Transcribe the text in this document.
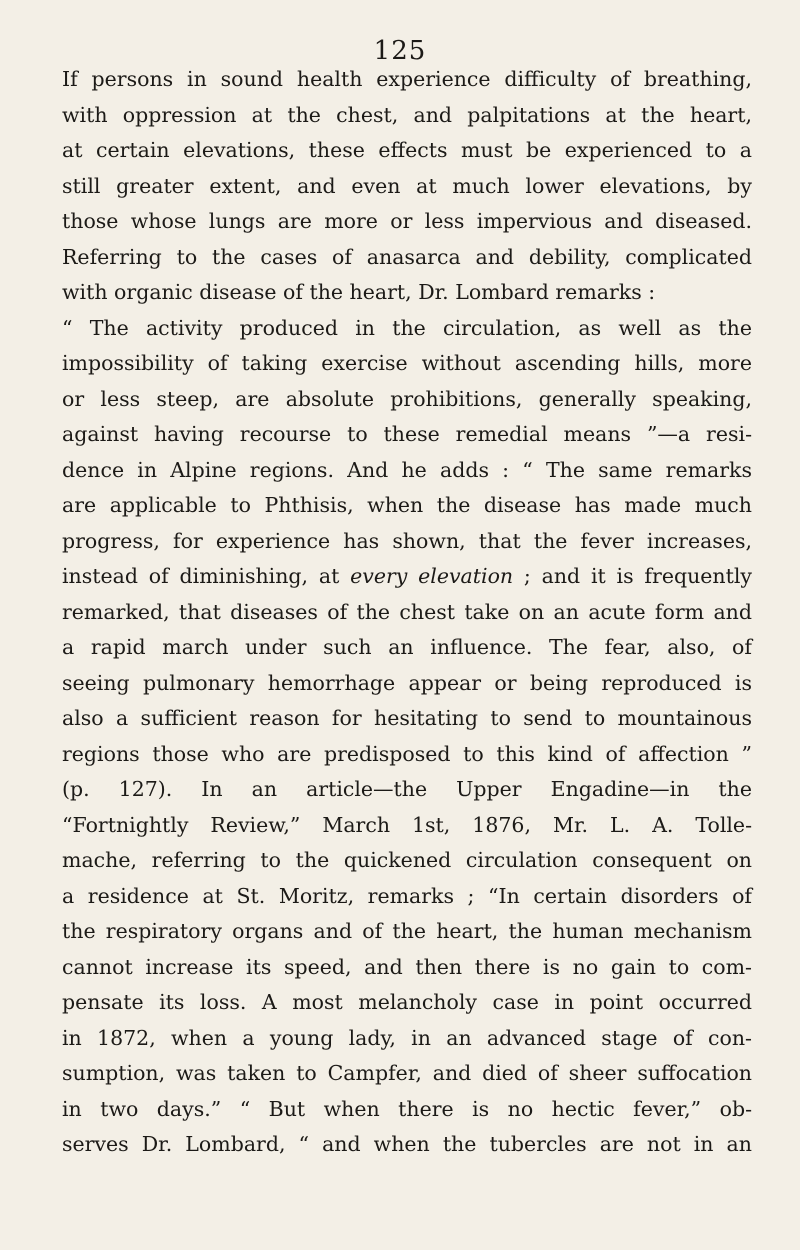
125
If persons in sound health experience difficulty of breathing,
with oppression at the chest, and palpitations at the heart,
at certain elevations, these effects must be experienced to a
still greater extent, and even at much lower elevations, by
those whose lungs are more or less impervious and diseased.
Referring to the cases of anasarca and debility, complicated
with organic disease of the heart, Dr. Lombard remarks :
“ The activity produced in the circulation, as well as the
impossibility of taking exercise without ascending hills, more
or less steep, are absolute prohibitions, generally speaking,
against having recourse to these remedial means ”—a resi-
dence in Alpine regions. And he adds : “ The same remarks
are applicable to Phthisis, when the disease has made much
progress, for experience has shown, that the fever increases,
instead of diminishing, at every elevation ; and it is frequently
remarked, that diseases of the chest take on an acute form and
a rapid march under such an influence. The fear, also, of
seeing pulmonary hemorrhage appear or being reproduced is
also a sufficient reason for hesitating to send to mountainous
regions those who are predisposed to this kind of affection ”
(p. 127). In an article—the Upper Engadine—in the
“Fortnightly Review,” March 1st, 1876, Mr. L. A. Tolle-
mache, referring to the quickened circulation consequent on
a residence at St. Moritz, remarks ; “In certain disorders of
the respiratory organs and of the heart, the human mechanism
cannot increase its speed, and then there is no gain to com-
pensate its loss. A most melancholy case in point occurred
in 1872, when a young lady, in an advanced stage of con-
sumption, was taken to Campfer, and died of sheer suffocation
in two days.” “ But when there is no hectic fever,” ob-
serves Dr. Lombard, “ and when the tubercles are not in an
